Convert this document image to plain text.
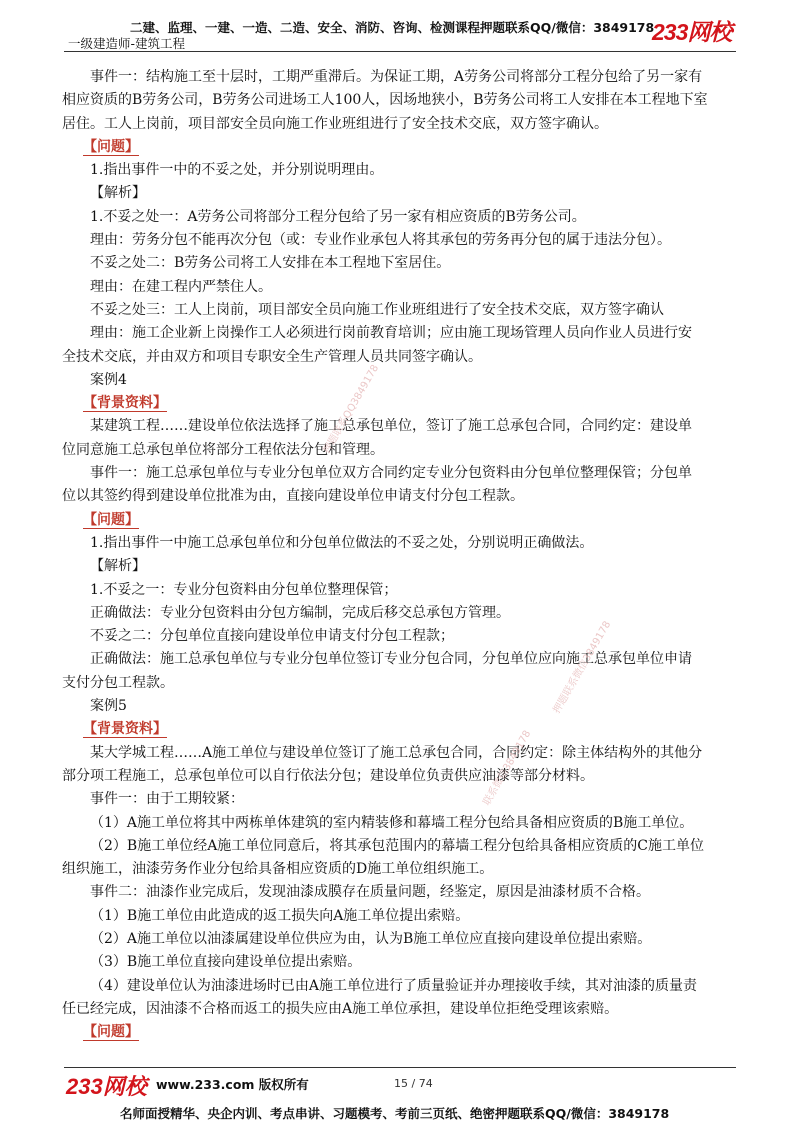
二建、监理、一建、一造、二造、安全、消防、咨询、检测课程押题联系QQ/微信：3849178
一级建造师-建筑工程	233网校
事件一：结构施工至十层时，工期严重滞后。为保证工期，A劳务公司将部分工程分包给了另一家有
相应资质的B劳务公司，B劳务公司进场工人100人，因场地狭小，B劳务公司将工人安排在本工程地下室
居住。工人上岗前，项目部安全员向施工作业班组进行了安全技术交底，双方签字确认。
【问题】
1.指出事件一中的不妥之处，并分别说明理由。
【解析】
1.不妥之处一：A劳务公司将部分工程分包给了另一家有相应资质的B劳务公司。
理由：劳务分包不能再次分包（或：专业作业承包人将其承包的劳务再分包的属于违法分包）。
不妥之处二：B劳务公司将工人安排在本工程地下室居住。
理由：在建工程内严禁住人。
不妥之处三：工人上岗前，项目部安全员向施工作业班组进行了安全技术交底，双方签字确认
理由：施工企业新上岗操作工人必须进行岗前教育培训；应由施工现场管理人员向作业人员进行安
全技术交底，并由双方和项目专职安全生产管理人员共同签字确认。
案例4
【背景资料】
某建筑工程……建设单位依法选择了施工总承包单位，签订了施工总承包合同，合同约定：建设单
位同意施工总承包单位将部分工程依法分包和管理。
事件一：施工总承包单位与专业分包单位双方合同约定专业分包资料由分包单位整理保管；分包单
位以其签约得到建设单位批准为由，直接向建设单位申请支付分包工程款。
【问题】
1.指出事件一中施工总承包单位和分包单位做法的不妥之处，分别说明正确做法。
【解析】
1.不妥之一：专业分包资料由分包单位整理保管；
正确做法：专业分包资料由分包方编制，完成后移交总承包方管理。
不妥之二：分包单位直接向建设单位申请支付分包工程款；
正确做法：施工总承包单位与专业分包单位签订专业分包合同，分包单位应向施工总承包单位申请
支付分包工程款。
案例5
【背景资料】
某大学城工程……A施工单位与建设单位签订了施工总承包合同，合同约定：除主体结构外的其他分
部分项工程施工，总承包单位可以自行依法分包；建设单位负责供应油漆等部分材料。
事件一：由于工期较紧：
（1）A施工单位将其中两栋单体建筑的室内精装修和幕墙工程分包给具备相应资质的B施工单位。
（2）B施工单位经A施工单位同意后，将其承包范围内的幕墙工程分包给具备相应资质的C施工单位
组织施工，油漆劳务作业分包给具备相应资质的D施工单位组织施工。
事件二：油漆作业完成后，发现油漆成膜存在质量问题，经鉴定，原因是油漆材质不合格。
（1）B施工单位由此造成的返工损失向A施工单位提出索赔。
（2）A施工单位以油漆属建设单位供应为由，认为B施工单位应直接向建设单位提出索赔。
（3）B施工单位直接向建设单位提出索赔。
（4）建设单位认为油漆进场时已由A施工单位进行了质量验证并办理接收手续，其对油漆的质量责
任已经完成，因油漆不合格而返工的损失应由A施工单位承担，建设单位拒绝受理该索赔。
【问题】
押题联系QQ3849178
联系微信3849178
押题联系微信3849178
233网校 www.233.com 版权所有	15 / 74
名师面授精华、央企内训、考点串讲、习题模考、考前三页纸、绝密押题联系QQ/微信：3849178
